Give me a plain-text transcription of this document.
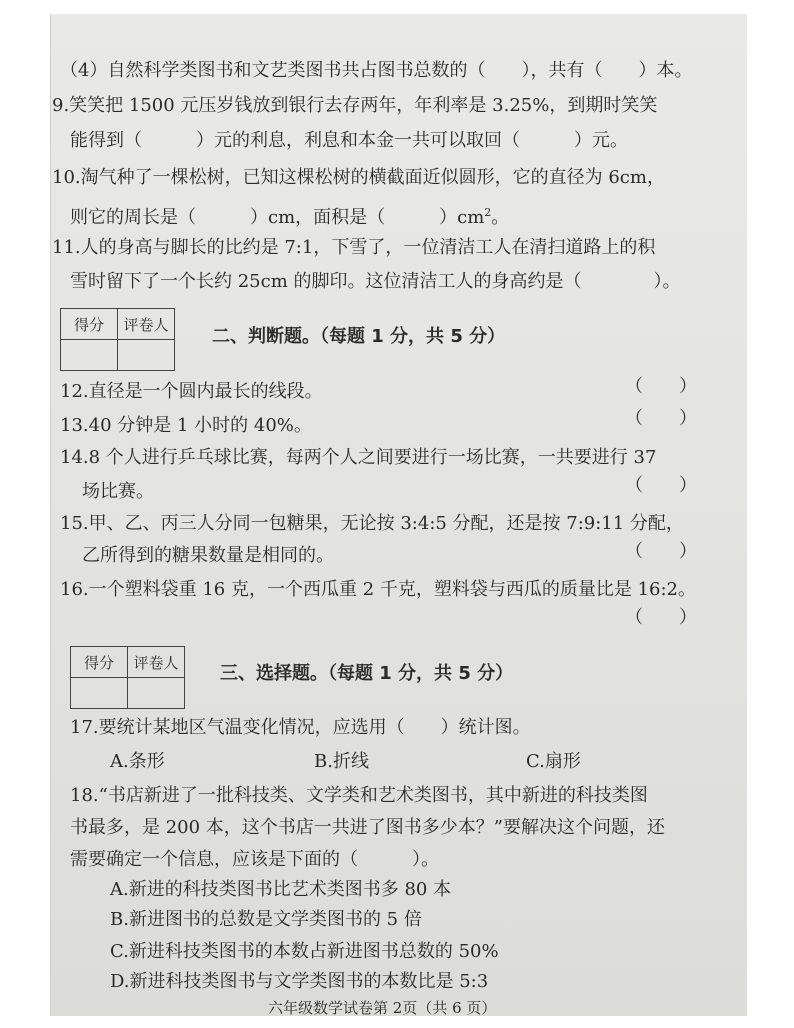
（4）自然科学类图书和文艺类图书共占图书总数的（　　），共有（　　）本。
9.笑笑把 1500 元压岁钱放到银行去存两年，年利率是 3.25%，到期时笑笑
能得到（　　　）元的利息，利息和本金一共可以取回（　　　）元。
10.淘气种了一棵松树，已知这棵松树的横截面近似圆形，它的直径为 6cm，
则它的周长是（　　　）cm，面积是（　　　）$cm^2$。
11.人的身高与脚长的比约是 7:1，下雪了，一位清洁工人在清扫道路上的积
雪时留下了一个长约 25cm 的脚印。这位清洁工人的身高约是（　　　　）。
得分	评卷人

二、判断题。（每题 1 分，共 5 分）
12.直径是一个圆内最长的线段。	（　　）
13.40 分钟是 1 小时的 40%。	（　　）
14.8 个人进行乒乓球比赛，每两个人之间要进行一场比赛，一共要进行 37
场比赛。	（　　）
15.甲、乙、丙三人分同一包糖果，无论按 3:4:5 分配，还是按 7:9:11 分配，
乙所得到的糖果数量是相同的。	（　　）
16.一个塑料袋重 16 克，一个西瓜重 2 千克，塑料袋与西瓜的质量比是 16:2。
（　　）
得分	评卷人

三、选择题。（每题 1 分，共 5 分）
17.要统计某地区气温变化情况，应选用（　　）统计图。
A.条形	B.折线	C.扇形
18.“书店新进了一批科技类、文学类和艺术类图书，其中新进的科技类图
书最多，是 200 本，这个书店一共进了图书多少本？”要解决这个问题，还
需要确定一个信息，应该是下面的（　　　）。
A.新进的科技类图书比艺术类图书多 80 本
B.新进图书的总数是文学类图书的 5 倍
C.新进科技类图书的本数占新进图书总数的 50%
D.新进科技类图书与文学类图书的本数比是 5:3
六年级数学试卷第 2页（共 6 页）
